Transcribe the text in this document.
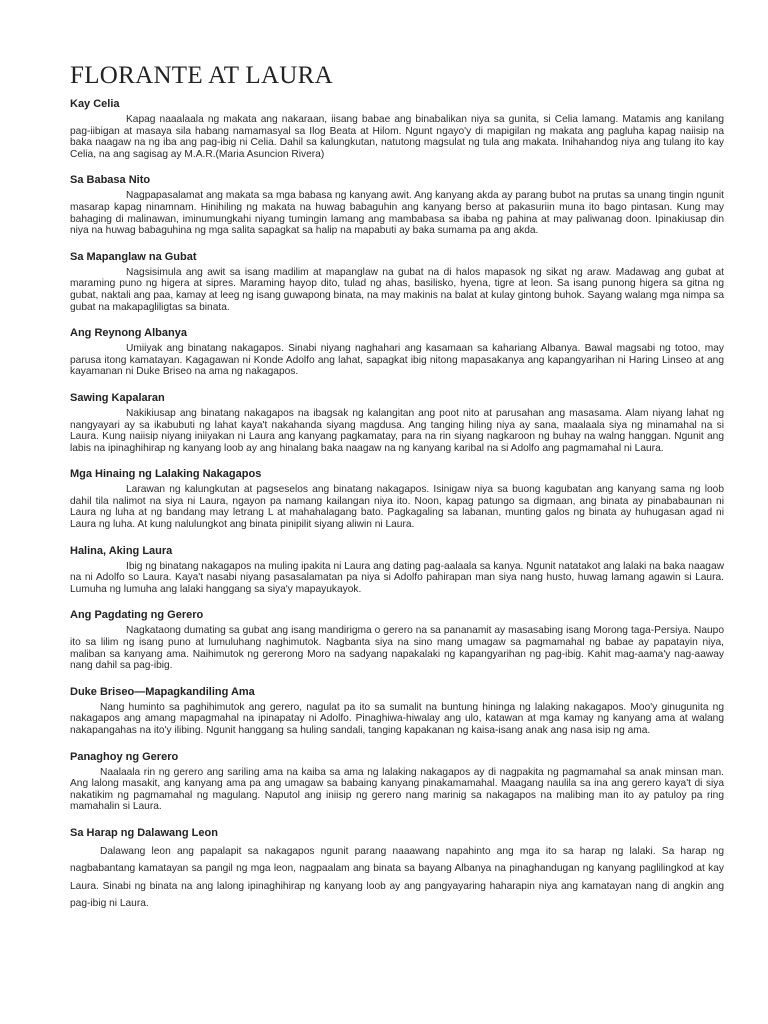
FLORANTE AT LAURA
Kay Celia

Kapag naaalaala ng makata ang nakaraan, iisang babae ang binabalikan niya sa gunita, si Celia lamang. Matamis ang kanilang pag-iibigan at masaya sila habang namamasyal sa Ilog Beata at Hilom. Ngunt ngayo'y di mapigilan ng makata ang pagluha kapag naiisip na baka naagaw na ng iba ang pag-ibig ni Celia. Dahil sa kalungkutan, natutong magsulat ng tula ang makata. Inihahandog niya ang tulang ito kay Celia, na ang sagisag ay M.A.R.(Maria Asuncion Rivera)

Sa Babasa Nito

Nagpapasalamat ang makata sa mga babasa ng kanyang awit. Ang kanyang akda ay parang bubot na prutas sa unang tingin ngunit masarap kapag ninamnam. Hinihiling ng makata na huwag babaguhin ang kanyang berso at pakasuriin muna ito bago pintasan. Kung may bahaging di malinawan, iminumungkahi niyang tumingin lamang ang mambabasa sa ibaba ng pahina at may paliwanag doon. Ipinakiusap din niya na huwag babaguhina ng mga salita sapagkat sa halip na mapabuti ay baka sumama pa ang akda.

Sa Mapanglaw na Gubat

Nagsisimula ang awit sa isang madilim at mapanglaw na gubat na di halos mapasok ng sikat ng araw. Madawag ang gubat at maraming puno ng higera at sipres. Maraming hayop dito, tulad ng ahas, basilisko, hyena, tigre at leon. Sa isang punong higera sa gitna ng gubat, naktali ang paa, kamay at leeg ng isang guwapong binata, na may makinis na balat at kulay gintong buhok. Sayang walang mga nimpa sa gubat na makapagliligtas sa binata.

Ang Reynong Albanya

Umiiyak ang binatang nakagapos. Sinabi niyang naghahari ang kasamaan sa kahariang Albanya. Bawal magsabi ng totoo, may parusa itong kamatayan. Kagagawan ni Konde Adolfo ang lahat, sapagkat ibig nitong mapasakanya ang kapangyarihan ni Haring Linseo at ang kayamanan ni Duke Briseo na ama ng nakagapos.

Sawing Kapalaran

Nakikiusap ang binatang nakagapos na ibagsak ng kalangitan ang poot nito at parusahan ang masasama. Alam niyang lahat ng nangyayari ay sa ikabubuti ng lahat kaya't nakahanda siyang magdusa. Ang tanging hiling niya ay sana, maalaala siya ng minamahal na si Laura. Kung naiisip niyang iniiyakan ni Laura ang kanyang pagkamatay, para na rin siyang nagkaroon ng buhay na walng hanggan. Ngunit ang labis na ipinaghihirap ng kanyang loob ay ang hinalang baka naagaw na ng kanyang karibal na si Adolfo ang pagmamahal ni Laura.

Mga Hinaing ng Lalaking Nakagapos

Larawan ng kalungkutan at pagseselos ang binatang nakagapos. Isinigaw niya sa buong kagubatan ang kanyang sama ng loob dahil tila nalimot na siya ni Laura, ngayon pa namang kailangan niya ito. Noon, kapag patungo sa digmaan, ang binata ay pinababaunan ni Laura ng luha at ng bandang may letrang L at mahahalagang bato. Pagkagaling sa labanan, munting galos ng binata ay huhugasan agad ni Laura ng luha. At kung nalulungkot ang binata pinipilit siyang aliwin ni Laura.

Halina, Aking Laura

Ibig ng binatang nakagapos na muling ipakita ni Laura ang dating pag-aalaala sa kanya. Ngunit natatakot ang lalaki na baka naagaw na ni Adolfo so Laura. Kaya't nasabi niyang pasasalamatan pa niya si Adolfo pahirapan man siya nang husto, huwag lamang agawin si Laura. Lumuha ng lumuha ang lalaki hanggang sa siya'y mapayukayok.

Ang Pagdating ng Gerero

Nagkataong dumating sa gubat ang isang mandirigma o gerero na sa pananamit ay masasabing isang Morong taga-Persiya. Naupo ito sa lilim ng isang puno at lumuluhang naghimutok. Nagbanta siya na sino mang umagaw sa pagmamahal ng babae ay papatayin niya, maliban sa kanyang ama. Naihimutok ng gererong Moro na sadyang napakalaki ng kapangyarihan ng pag-ibig. Kahit mag-aama'y nag-aaway nang dahil sa pag-ibig.

Duke Briseo—Mapagkandiling Ama

Nang huminto sa paghihimutok ang gerero, nagulat pa ito sa sumalit na buntung hininga ng lalaking nakagapos. Moo'y ginugunita ng nakagapos ang amang mapagmahal na ipinapatay ni Adolfo. Pinaghiwa-hiwalay ang ulo, katawan at mga kamay ng kanyang ama at walang nakapangahas na ito'y ilibing. Ngunit hanggang sa huling sandali, tanging kapakanan ng kaisa-isang anak ang nasa isip ng ama.

Panaghoy ng Gerero

Naalaala rin ng gerero ang sariling ama na kaiba sa ama ng lalaking nakagapos ay di nagpakita ng pagmamahal sa anak minsan man. Ang lalong masakit, ang kanyang ama pa ang umagaw sa babaing kanyang pinakamamahal. Maagang naulila sa ina ang gerero kaya't di siya nakatikim ng pagmamahal ng magulang. Naputol ang iniisip ng gerero nang marinig sa nakagapos na malibing man ito ay patuloy pa ring mamahalin si Laura.

Sa Harap ng Dalawang Leon

Dalawang leon ang papalapit sa nakagapos ngunit parang naaawang napahinto ang mga ito sa harap ng lalaki. Sa harap ng nagbabantang kamatayan sa pangil ng mga leon, nagpaalam ang binata sa bayang Albanya na pinaghandugan ng kanyang paglilingkod at kay Laura. Sinabi ng binata na ang lalong ipinaghihirap ng kanyang loob ay ang pangyayaring haharapin niya ang kamatayan nang di angkin ang pag-ibig ni Laura.
